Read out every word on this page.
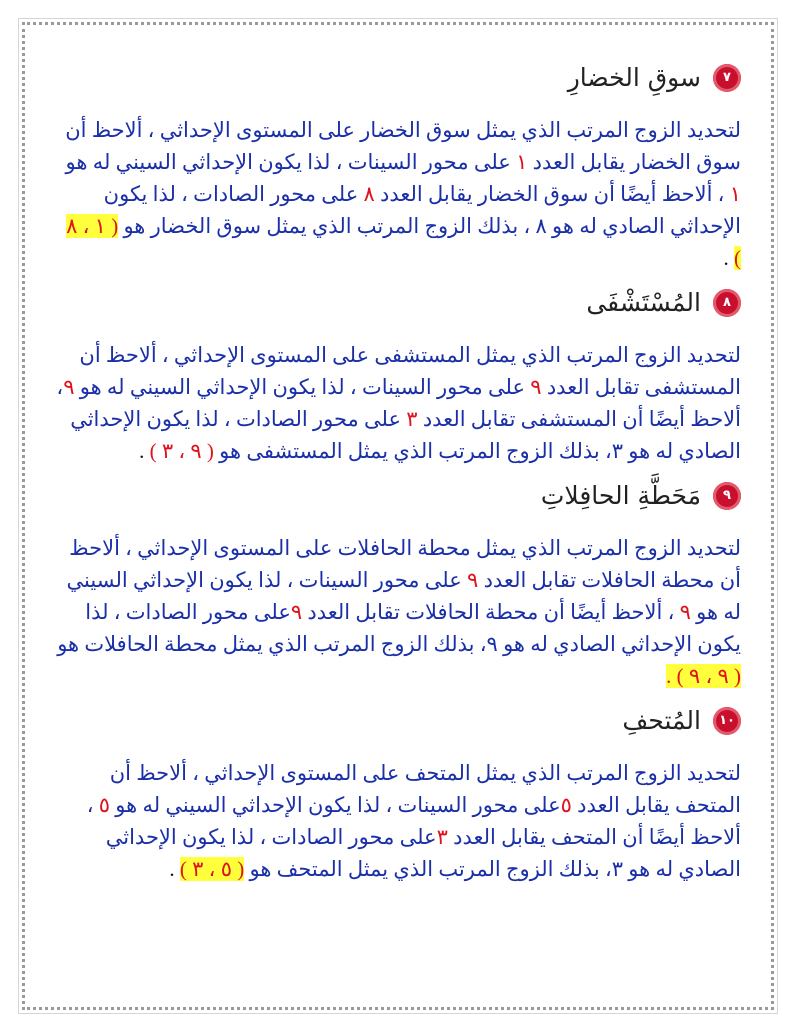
٧
سوقِ الخضارِ

لتحديد الزوج المرتب الذي يمثل سوق الخضار على المستوى الإحداثي ، ألاحظ أن سوق الخضار يقابل العدد ١ على محور السينات ، لذا يكون الإحداثي السيني له هو ١ ، ألاحظ أيضًا أن سوق الخضار يقابل العدد ٨ على محور الصادات ، لذا يكون الإحداثي الصادي له هو ٨ ، بذلك الزوج المرتب الذي يمثل سوق الخضار هو ( ١ ، ٨ ) .

٨
المُسْتَشْفَى

لتحديد الزوج المرتب الذي يمثل المستشفى على المستوى الإحداثي ، ألاحظ أن المستشفى تقابل العدد ٩ على محور السينات ، لذا يكون الإحداثي السيني له هو ٩، ألاحظ أيضًا أن المستشفى تقابل العدد ٣ على محور الصادات ، لذا يكون الإحداثي الصادي له هو ٣، بذلك الزوج المرتب الذي يمثل المستشفى هو ( ٩ ، ٣ ) .

٩
مَحَطَّةِ الحافِلاتِ

لتحديد الزوج المرتب الذي يمثل محطة الحافلات على المستوى الإحداثي ، ألاحظ أن محطة الحافلات تقابل العدد ٩ على محور السينات ، لذا يكون الإحداثي السيني له هو ٩ ، ألاحظ أيضًا أن محطة الحافلات تقابل العدد ٩على محور الصادات ، لذا يكون الإحداثي الصادي له هو ٩، بذلك الزوج المرتب الذي يمثل محطة الحافلات هو ( ٩ ، ٩ ) .

١٠
المُتحفِ

لتحديد الزوج المرتب الذي يمثل المتحف على المستوى الإحداثي ، ألاحظ أن المتحف يقابل العدد ٥على محور السينات ، لذا يكون الإحداثي السيني له هو ٥ ، ألاحظ أيضًا أن المتحف يقابل العدد ٣على محور الصادات ، لذا يكون الإحداثي الصادي له هو ٣، بذلك الزوج المرتب الذي يمثل المتحف هو ( ٥ ، ٣ ) .
